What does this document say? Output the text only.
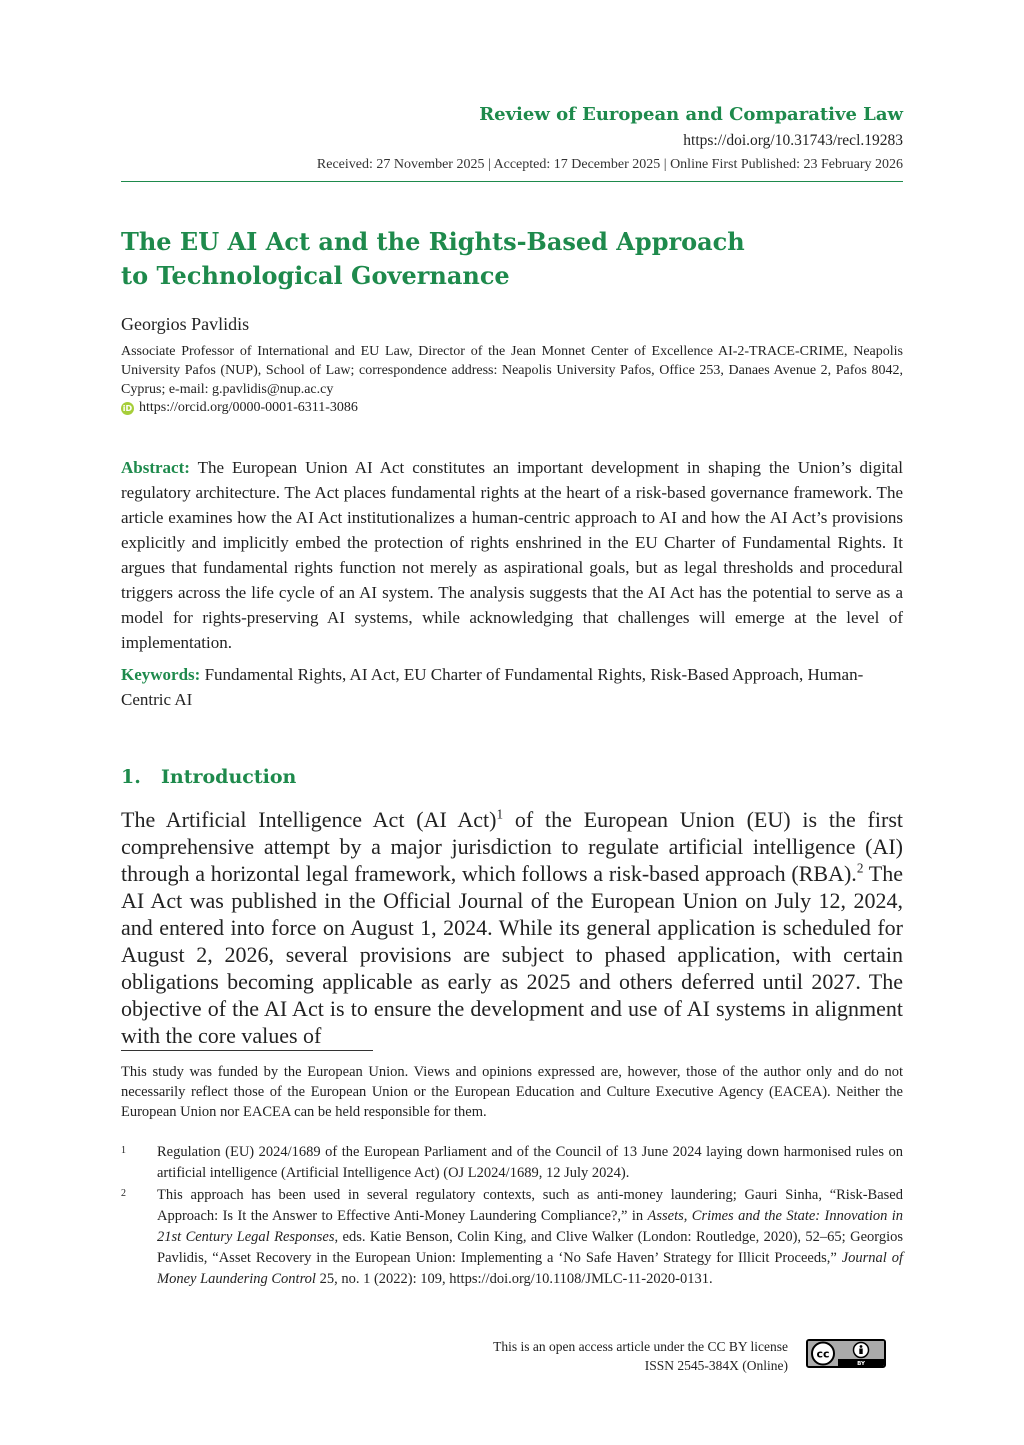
Review of European and Comparative Law
https://doi.org/10.31743/recl.19283
Received: 27 November 2025 | Accepted: 17 December 2025 | Online First Published: 23 February 2026
The EU AI Act and the Rights-Based Approach
to Technological Governance
Georgios Pavlidis

Associate Professor of International and EU Law, Director of the Jean Monnet Center of Excellence AI-2-TRACE-CRIME, Neapolis University Pafos (NUP), School of Law; correspondence address: Neapolis University Pafos, Office 253, Danaes Avenue 2, Pafos 8042, Cyprus; e-mail: g.pavlidis@nup.ac.cy

iD https://orcid.org/0000-0001-6311-3086

Abstract: The European Union AI Act constitutes an important development in shaping the Union’s digital regulatory architecture. The Act places fundamental rights at the heart of a risk-based governance framework. The article examines how the AI Act institutionalizes a human-centric approach to AI and how the AI Act’s provisions explicitly and implicitly embed the protection of rights enshrined in the EU Charter of Fundamental Rights. It argues that fundamental rights function not merely as aspirational goals, but as legal thresholds and procedural triggers across the life cycle of an AI system. The analysis suggests that the AI Act has the potential to serve as a model for rights-preserving AI systems, while acknowledging that challenges will emerge at the level of implementation.

Keywords: Fundamental Rights, AI Act, EU Charter of Fundamental Rights, Risk-Based Approach, Human-Centric AI

1.	Introduction

The Artificial Intelligence Act (AI Act)$^1$ of the European Union (EU) is the first comprehensive attempt by a major jurisdiction to regulate artificial intelligence (AI) through a horizontal legal framework, which follows a risk-based approach (RBA).$^2$ The AI Act was published in the Official Journal of the European Union on July 12, 2024, and entered into force on August 1, 2024. While its general application is scheduled for August 2, 2026, several provisions are subject to phased application, with certain obligations becoming applicable as early as 2025 and others deferred until 2027. The objective of the AI Act is to ensure the development and use of AI systems in alignment with the core values of

This study was funded by the European Union. Views and opinions expressed are, however, those of the author only and do not necessarily reflect those of the European Union or the European Education and Culture Executive Agency (EACEA). Neither the European Union nor EACEA can be held responsible for them.

1	Regulation (EU) 2024/1689 of the European Parliament and of the Council of 13 June 2024 laying down harmonised rules on artificial intelligence (Artificial Intelligence Act) (OJ L2024/1689, 12 July 2024).
2	This approach has been used in several regulatory contexts, such as anti-money laundering; Gauri Sinha, “Risk-Based Approach: Is It the Answer to Effective Anti-Money Laundering Compliance?,” in Assets, Crimes and the State: Innovation in 21st Century Legal Responses, eds. Katie Benson, Colin King, and Clive Walker (London: Routledge, 2020), 52–65; Georgios Pavlidis, “Asset Recovery in the European Union: Implementing a ‘No Safe Haven’ Strategy for Illicit Proceeds,” Journal of Money Laundering Control 25, no. 1 (2022): 109, https://doi.org/10.1108/JMLC-11-2020-0131.
This is an open access article under the CC BY license
ISSN 2545-384X (Online)
cc
BY
